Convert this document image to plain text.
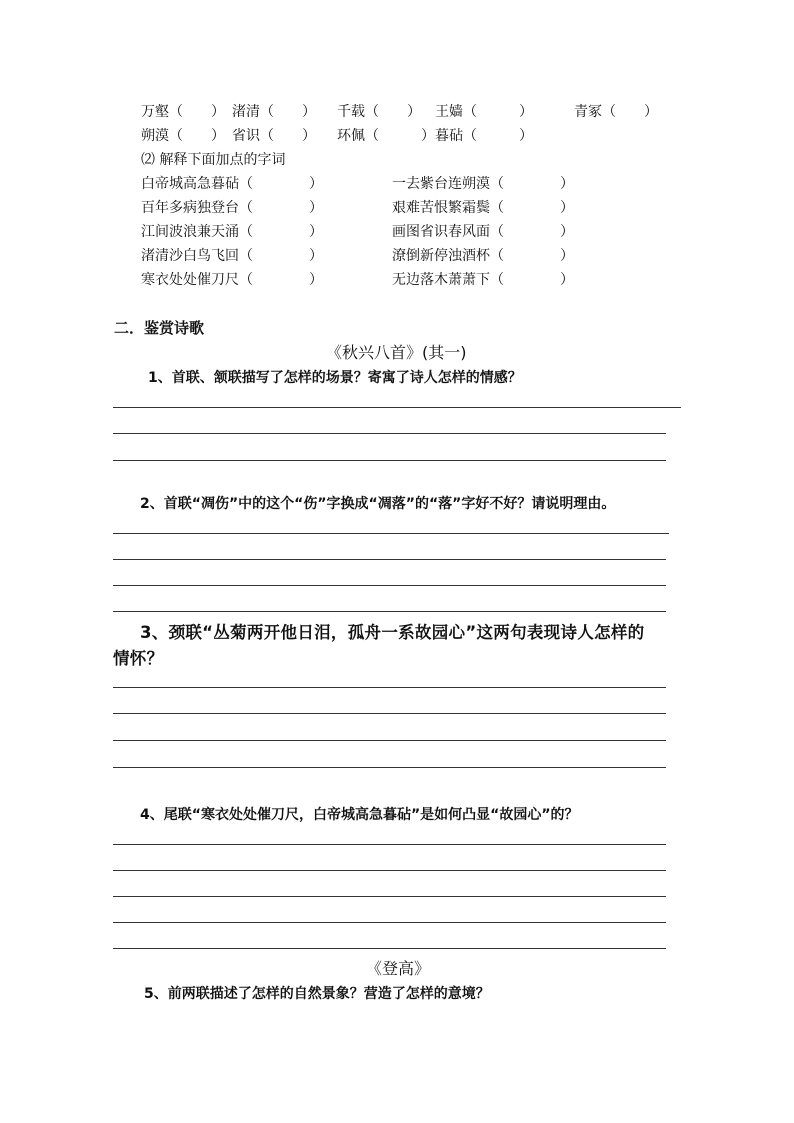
万壑（　　） 渚清（　　） 千载（　　） 王嫱（　　　）	青冢（　　）
朔漠（　　） 省识（　　） 环佩（　　　） 暮砧（　　　）
⑵ 解释下面加点的字词
白帝城高急暮砧（　　　　）
百年多病独登台（　　　　）
江间波浪兼天涌（　　　　）
渚清沙白鸟飞回（　　　　）
寒衣处处催刀尺（　　　　）
一去紫台连朔漠（　　　　）
艰难苦恨繁霜鬓（　　　　）
画图省识春风面（　　　　）
潦倒新停浊酒杯（　　　　）
无边落木萧萧下（　　　　）
二．鉴赏诗歌
《秋兴八首》(其一)
1、首联、颔联描写了怎样的场景？寄寓了诗人怎样的情感？
2、首联“凋伤”中的这个“伤”字换成“凋落”的“落”字好不好？请说明理由。
3、颈联“丛菊两开他日泪，孤舟一系故园心”这两句表现诗人怎样的
情怀？
4、尾联“寒衣处处催刀尺，白帝城高急暮砧”是如何凸显“故园心”的？
《登高》
5、前两联描述了怎样的自然景象？营造了怎样的意境？
